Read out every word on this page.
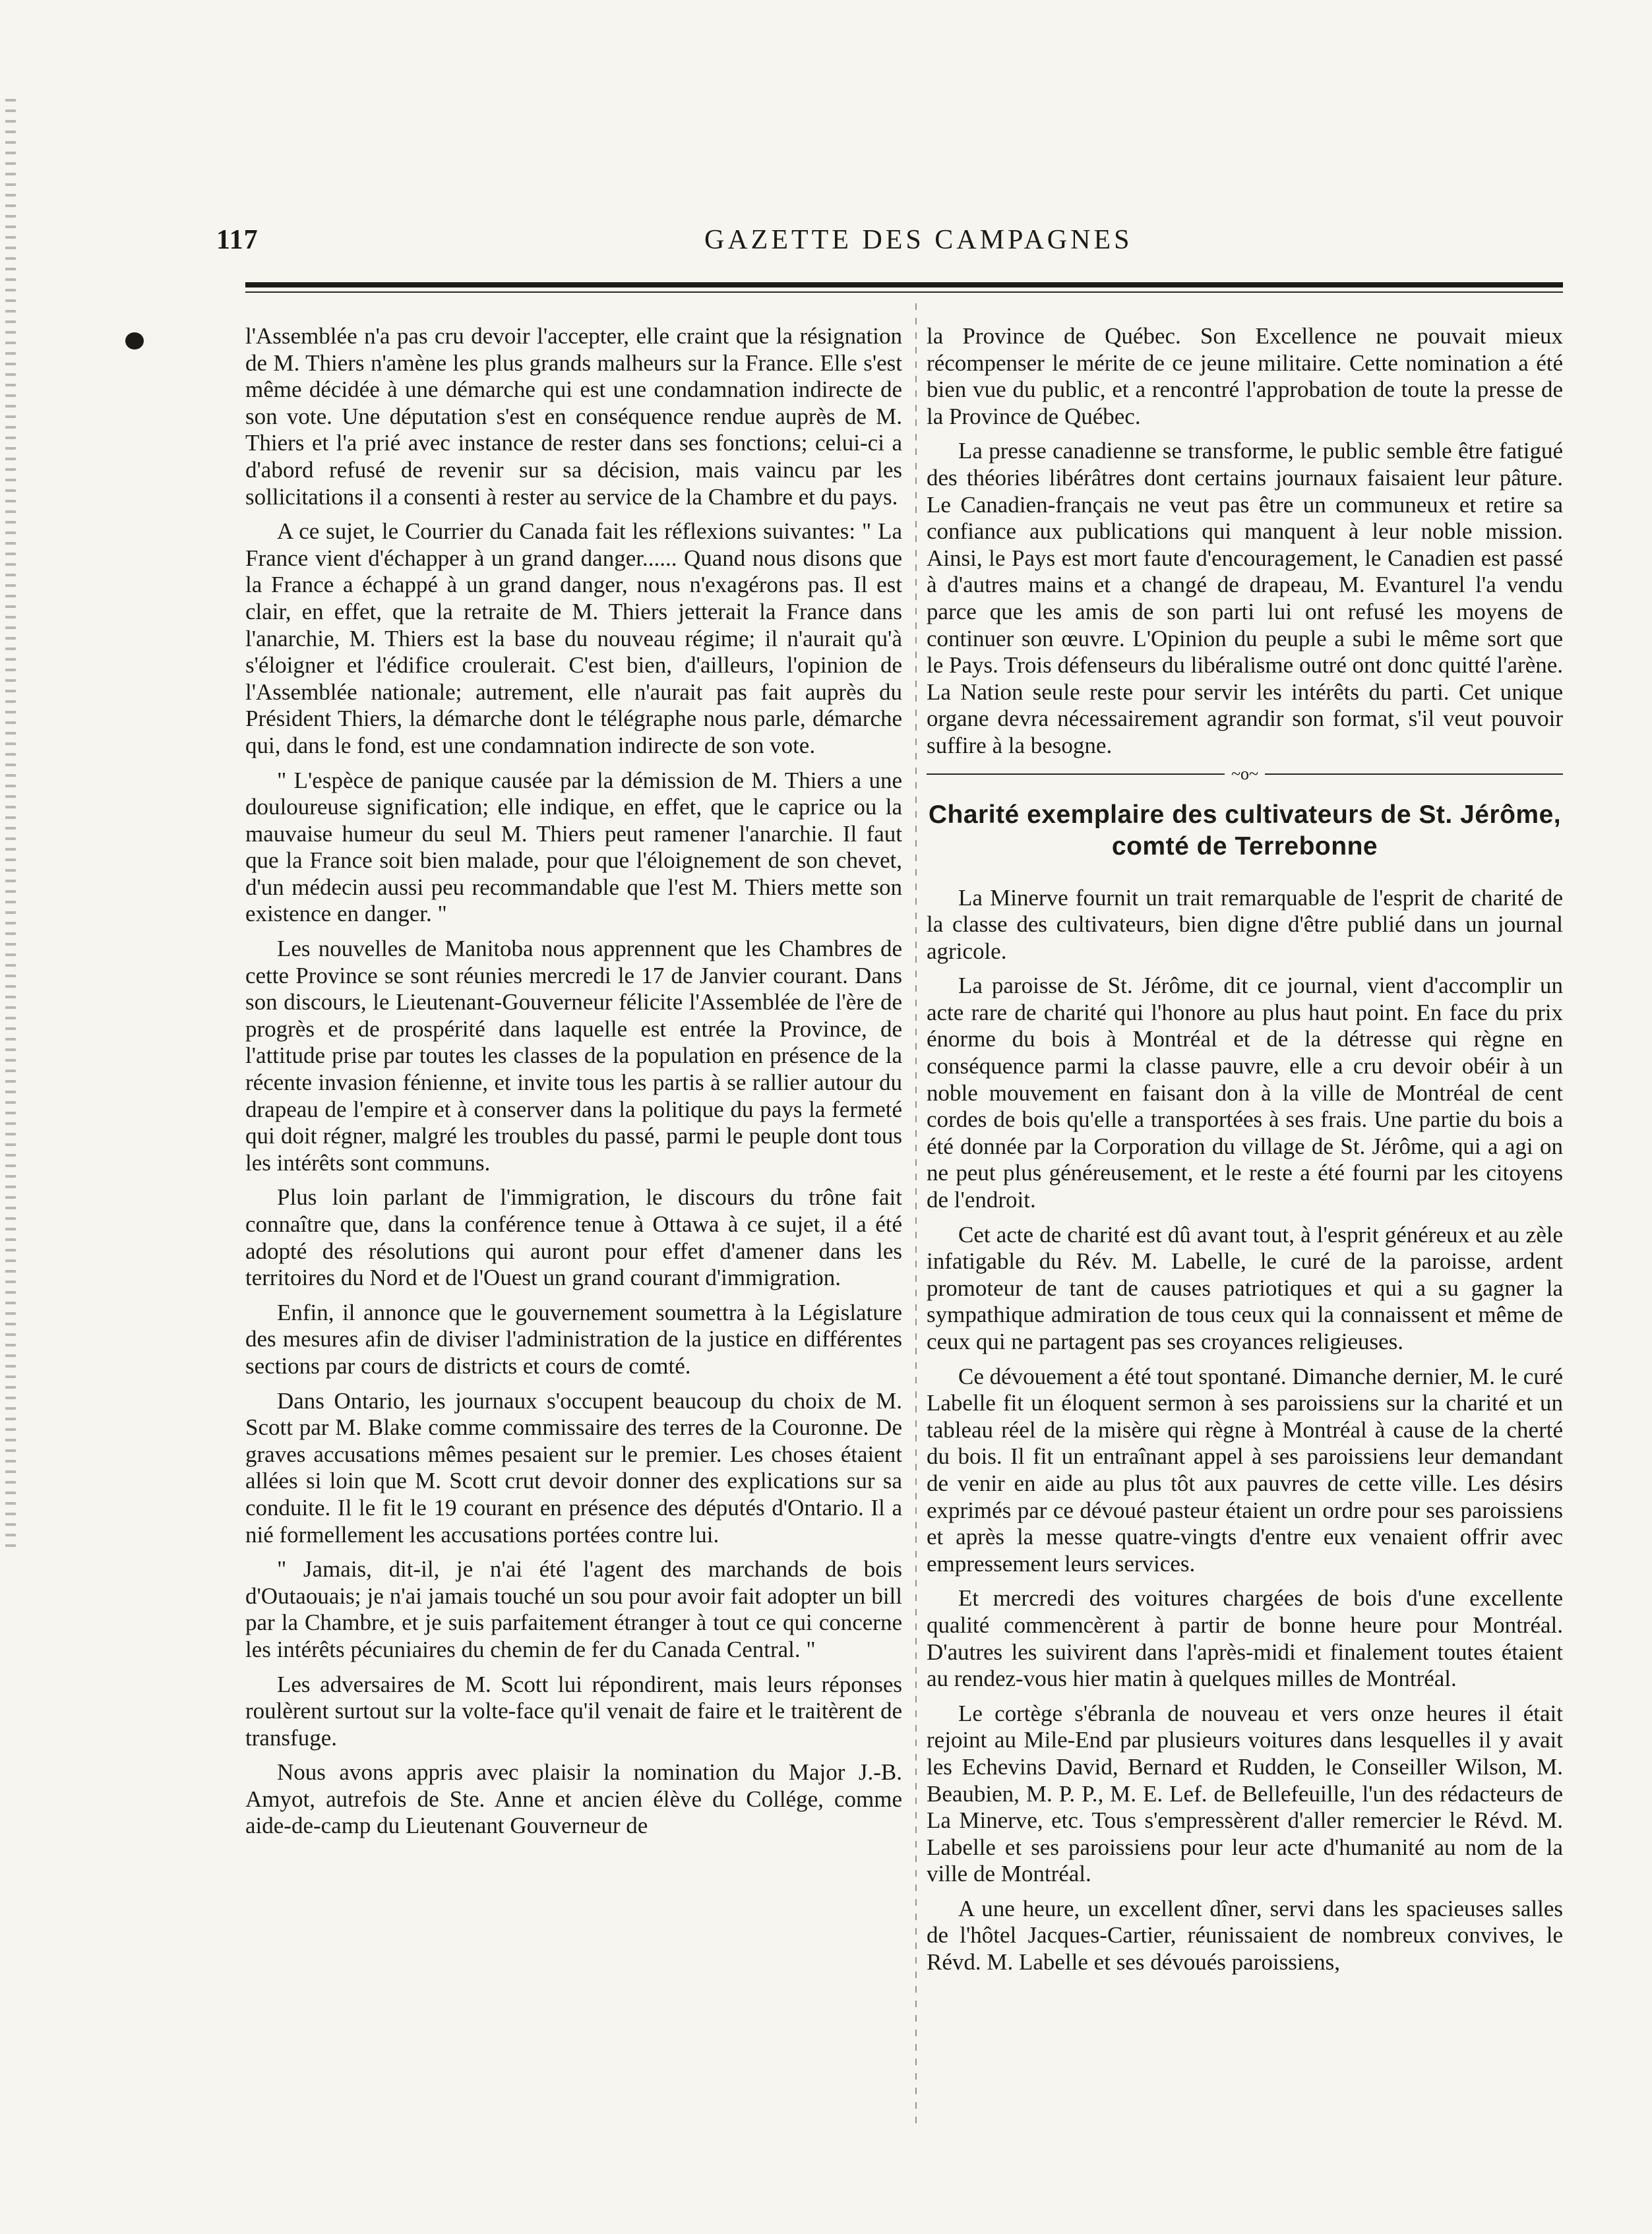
117	GAZETTE DES CAMPAGNES

l'Assemblée n'a pas cru devoir l'accepter, elle craint que la résignation de M. Thiers n'amène les plus grands malheurs sur la France. Elle s'est même décidée à une démarche qui est une condamnation indirecte de son vote. Une députation s'est en conséquence rendue auprès de M. Thiers et l'a prié avec instance de rester dans ses fonctions; celui-ci a d'abord refusé de revenir sur sa décision, mais vaincu par les sollicitations il a consenti à rester au service de la Chambre et du pays.

A ce sujet, le Courrier du Canada fait les réflexions suivantes: " La France vient d'échapper à un grand danger...... Quand nous disons que la France a échappé à un grand danger, nous n'exagérons pas. Il est clair, en effet, que la retraite de M. Thiers jetterait la France dans l'anarchie, M. Thiers est la base du nouveau régime; il n'aurait qu'à s'éloigner et l'édifice croulerait. C'est bien, d'ailleurs, l'opinion de l'Assemblée nationale; autrement, elle n'aurait pas fait auprès du Président Thiers, la démarche dont le télégraphe nous parle, démarche qui, dans le fond, est une condamnation indirecte de son vote.

" L'espèce de panique causée par la démission de M. Thiers a une douloureuse signification; elle indique, en effet, que le caprice ou la mauvaise humeur du seul M. Thiers peut ramener l'anarchie. Il faut que la France soit bien malade, pour que l'éloignement de son chevet, d'un médecin aussi peu recommandable que l'est M. Thiers mette son existence en danger. "

Les nouvelles de Manitoba nous apprennent que les Chambres de cette Province se sont réunies mercredi le 17 de Janvier courant. Dans son discours, le Lieutenant-Gouverneur félicite l'Assemblée de l'ère de progrès et de prospérité dans laquelle est entrée la Province, de l'attitude prise par toutes les classes de la population en présence de la récente invasion fénienne, et invite tous les partis à se rallier autour du drapeau de l'empire et à conserver dans la politique du pays la fermeté qui doit régner, malgré les troubles du passé, parmi le peuple dont tous les intérêts sont communs.

Plus loin parlant de l'immigration, le discours du trône fait connaître que, dans la conférence tenue à Ottawa à ce sujet, il a été adopté des résolutions qui auront pour effet d'amener dans les territoires du Nord et de l'Ouest un grand courant d'immigration.

Enfin, il annonce que le gouvernement soumettra à la Législature des mesures afin de diviser l'administration de la justice en différentes sections par cours de districts et cours de comté.

Dans Ontario, les journaux s'occupent beaucoup du choix de M. Scott par M. Blake comme commissaire des terres de la Couronne. De graves accusations mêmes pesaient sur le premier. Les choses étaient allées si loin que M. Scott crut devoir donner des explications sur sa conduite. Il le fit le 19 courant en présence des députés d'Ontario. Il a nié formellement les accusations portées contre lui.

" Jamais, dit-il, je n'ai été l'agent des marchands de bois d'Outaouais; je n'ai jamais touché un sou pour avoir fait adopter un bill par la Chambre, et je suis parfaitement étranger à tout ce qui concerne les intérêts pécuniaires du chemin de fer du Canada Central. "

Les adversaires de M. Scott lui répondirent, mais leurs réponses roulèrent surtout sur la volte-face qu'il venait de faire et le traitèrent de transfuge.

Nous avons appris avec plaisir la nomination du Major J.-B. Amyot, autrefois de Ste. Anne et ancien élève du Collége, comme aide-de-camp du Lieutenant Gouverneur de

la Province de Québec. Son Excellence ne pouvait mieux récompenser le mérite de ce jeune militaire. Cette nomination a été bien vue du public, et a rencontré l'approbation de toute la presse de la Province de Québec.

La presse canadienne se transforme, le public semble être fatigué des théories libérâtres dont certains journaux faisaient leur pâture. Le Canadien-français ne veut pas être un communeux et retire sa confiance aux publications qui manquent à leur noble mission. Ainsi, le Pays est mort faute d'encouragement, le Canadien est passé à d'autres mains et a changé de drapeau, M. Evanturel l'a vendu parce que les amis de son parti lui ont refusé les moyens de continuer son œuvre. L'Opinion du peuple a subi le même sort que le Pays. Trois défenseurs du libéralisme outré ont donc quitté l'arène. La Nation seule reste pour servir les intérêts du parti. Cet unique organe devra nécessairement agrandir son format, s'il veut pouvoir suffire à la besogne.

~o~
Charité exemplaire des cultivateurs de St. Jérôme, comté de Terrebonne

La Minerve fournit un trait remarquable de l'esprit de charité de la classe des cultivateurs, bien digne d'être publié dans un journal agricole.

La paroisse de St. Jérôme, dit ce journal, vient d'accomplir un acte rare de charité qui l'honore au plus haut point. En face du prix énorme du bois à Montréal et de la détresse qui règne en conséquence parmi la classe pauvre, elle a cru devoir obéir à un noble mouvement en faisant don à la ville de Montréal de cent cordes de bois qu'elle a transportées à ses frais. Une partie du bois a été donnée par la Corporation du village de St. Jérôme, qui a agi on ne peut plus généreusement, et le reste a été fourni par les citoyens de l'endroit.

Cet acte de charité est dû avant tout, à l'esprit généreux et au zèle infatigable du Rév. M. Labelle, le curé de la paroisse, ardent promoteur de tant de causes patriotiques et qui a su gagner la sympathique admiration de tous ceux qui la connaissent et même de ceux qui ne partagent pas ses croyances religieuses.

Ce dévouement a été tout spontané. Dimanche dernier, M. le curé Labelle fit un éloquent sermon à ses paroissiens sur la charité et un tableau réel de la misère qui règne à Montréal à cause de la cherté du bois. Il fit un entraînant appel à ses paroissiens leur demandant de venir en aide au plus tôt aux pauvres de cette ville. Les désirs exprimés par ce dévoué pasteur étaient un ordre pour ses paroissiens et après la messe quatre-vingts d'entre eux venaient offrir avec empressement leurs services.

Et mercredi des voitures chargées de bois d'une excellente qualité commencèrent à partir de bonne heure pour Montréal. D'autres les suivirent dans l'après-midi et finalement toutes étaient au rendez-vous hier matin à quelques milles de Montréal.

Le cortège s'ébranla de nouveau et vers onze heures il était rejoint au Mile-End par plusieurs voitures dans lesquelles il y avait les Echevins David, Bernard et Rudden, le Conseiller Wilson, M. Beaubien, M. P. P., M. E. Lef. de Bellefeuille, l'un des rédacteurs de La Minerve, etc. Tous s'empressèrent d'aller remercier le Révd. M. Labelle et ses paroissiens pour leur acte d'humanité au nom de la ville de Montréal.

A une heure, un excellent dîner, servi dans les spacieuses salles de l'hôtel Jacques-Cartier, réunissaient de nombreux convives, le Révd. M. Labelle et ses dévoués paroissiens,
